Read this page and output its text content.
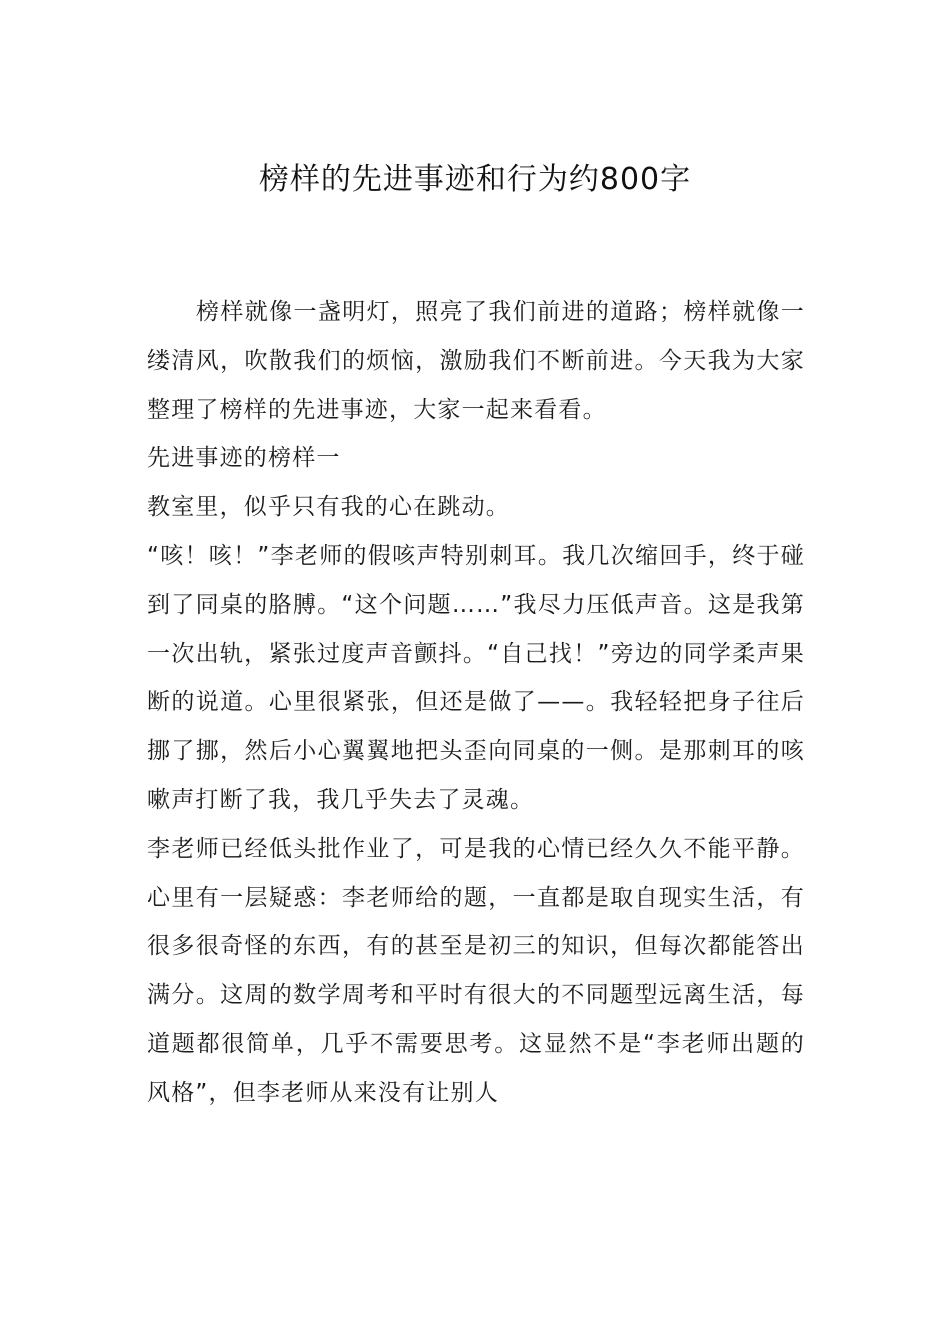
榜样的先进事迹和行为约800字

榜样就像一盏明灯，照亮了我们前进的道路；榜样就像一缕清风，吹散我们的烦恼，激励我们不断前进。今天我为大家整理了榜样的先进事迹，大家一起来看看。

先进事迹的榜样一

教室里，似乎只有我的心在跳动。

“咳！咳！”李老师的假咳声特别刺耳。我几次缩回手，终于碰到了同桌的胳膊。“这个问题……”我尽力压低声音。这是我第一次出轨，紧张过度声音颤抖。“自己找！”旁边的同学柔声果断的说道。心里很紧张，但还是做了——。我轻轻把身子往后挪了挪，然后小心翼翼地把头歪向同桌的一侧。是那刺耳的咳嗽声打断了我，我几乎失去了灵魂。

李老师已经低头批作业了，可是我的心情已经久久不能平静。心里有一层疑惑：李老师给的题，一直都是取自现实生活，有很多很奇怪的东西，有的甚至是初三的知识，但每次都能答出满分。这周的数学周考和平时有很大的不同题型远离生活，每道题都很简单，几乎不需要思考。这显然不是“李老师出题的风格”，但李老师从来没有让别人
